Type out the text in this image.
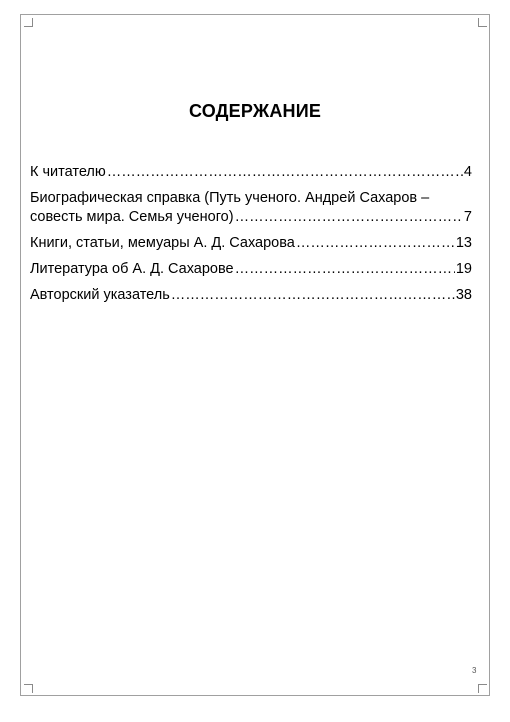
СОДЕРЖАНИЕ
К читателю …………………………………………………………………………………………………………………………………………	4
Биографическая справка (Путь ученого. Андрей Сахаров –
совесть мира. Семья ученого) …………………………………………………………………………………………………………………………………………	7
Книги, статьи, мемуары А. Д. Сахарова …………………………………………………………………………………………………………………………………………	13
Литература об А. Д. Сахарове …………………………………………………………………………………………………………………………………………	19
Авторский указатель …………………………………………………………………………………………………………………………………………	38
3
